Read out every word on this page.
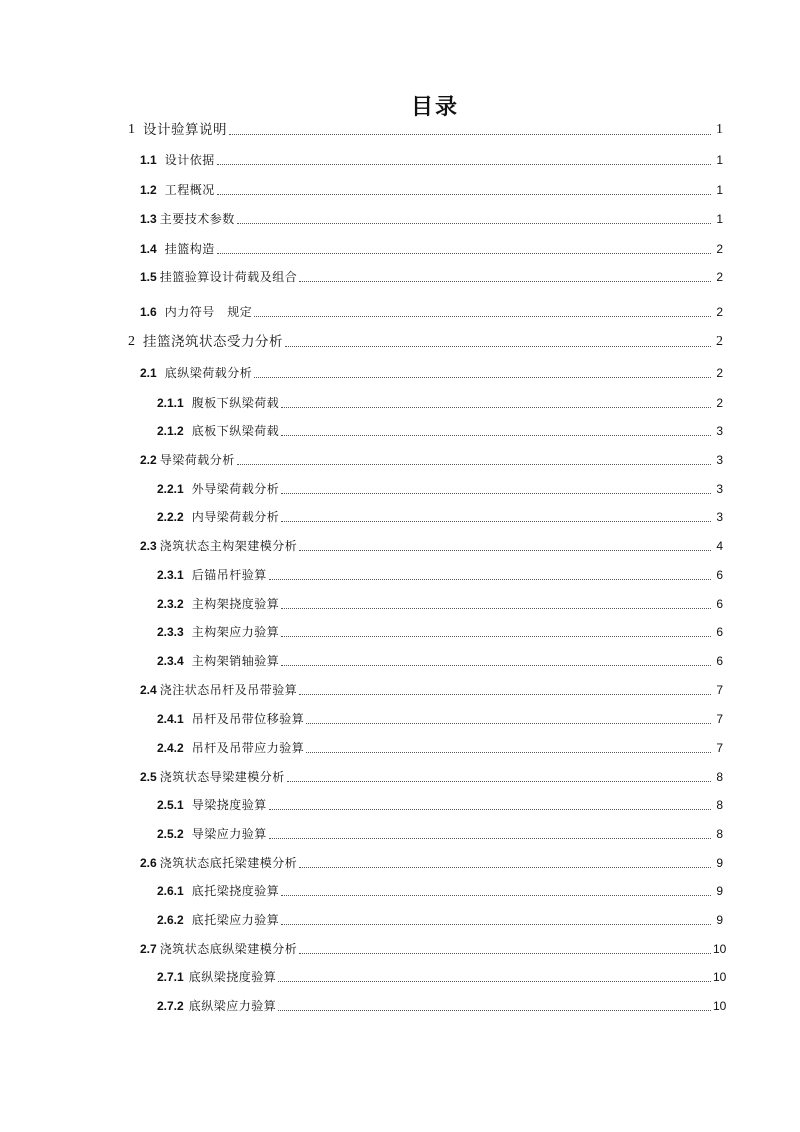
目录
1 设计验算说明	1
1.1 设计依据	1
1.2 工程概况	1
1.3 主要技术参数	1
1.4 挂篮构造	2
1.5 挂篮验算设计荷载及组合	2
1.6 内力符号　规定	2
2 挂篮浇筑状态受力分析	2
2.1 底纵梁荷载分析	2
2.1.1 腹板下纵梁荷载	2
2.1.2 底板下纵梁荷载	3
2.2 导梁荷载分析	3
2.2.1 外导梁荷载分析	3
2.2.2 内导梁荷载分析	3
2.3 浇筑状态主构架建模分析	4
2.3.1 后锚吊杆验算	6
2.3.2 主构架挠度验算	6
2.3.3 主构架应力验算	6
2.3.4 主构架销轴验算	6
2.4 浇注状态吊杆及吊带验算	7
2.4.1 吊杆及吊带位移验算	7
2.4.2 吊杆及吊带应力验算	7
2.5 浇筑状态导梁建模分析	8
2.5.1 导梁挠度验算	8
2.5.2 导梁应力验算	8
2.6 浇筑状态底托梁建模分析	9
2.6.1 底托梁挠度验算	9
2.6.2 底托梁应力验算	9
2.7 浇筑状态底纵梁建模分析	10
2.7.1 底纵梁挠度验算	10
2.7.2 底纵梁应力验算	10
